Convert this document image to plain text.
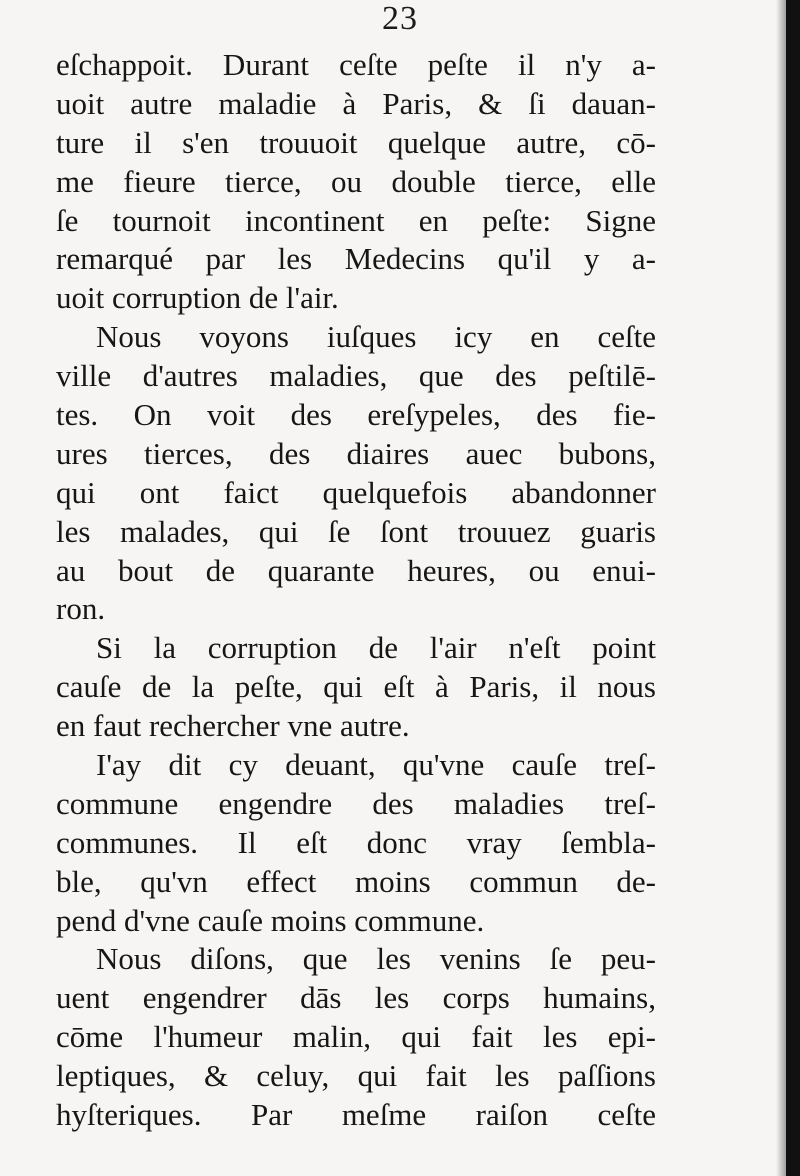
23
eſchappoit. Durant ceſte peſte il n'y a-
uoit autre maladie à Paris, & ſi dauan-
ture il s'en trouuoit quelque autre, cō-
me fieure tierce, ou double tierce, elle
ſe tournoit incontinent en peſte: Signe
remarqué par les Medecins qu'il y a-
uoit corruption de l'air.
Nous voyons iuſques icy en ceſte
ville d'autres maladies, que des peſtilē-
tes. On voit des ereſypeles, des fie-
ures tierces, des diaires auec bubons,
qui ont faict quelquefois abandonner
les malades, qui ſe ſont trouuez guaris
au bout de quarante heures, ou enui-
ron.
Si la corruption de l'air n'eſt point
cauſe de la peſte, qui eſt à Paris, il nous
en faut rechercher vne autre.
I'ay dit cy deuant, qu'vne cauſe treſ-
commune engendre des maladies treſ-
communes. Il eſt donc vray ſembla-
ble, qu'vn effect moins commun de-
pend d'vne cauſe moins commune.
Nous diſons, que les venins ſe peu-
uent engendrer dās les corps humains,
cōme l'humeur malin, qui fait les epi-
leptiques, & celuy, qui fait les paſſions
hyſteriques. Par meſme raiſon ceſte
